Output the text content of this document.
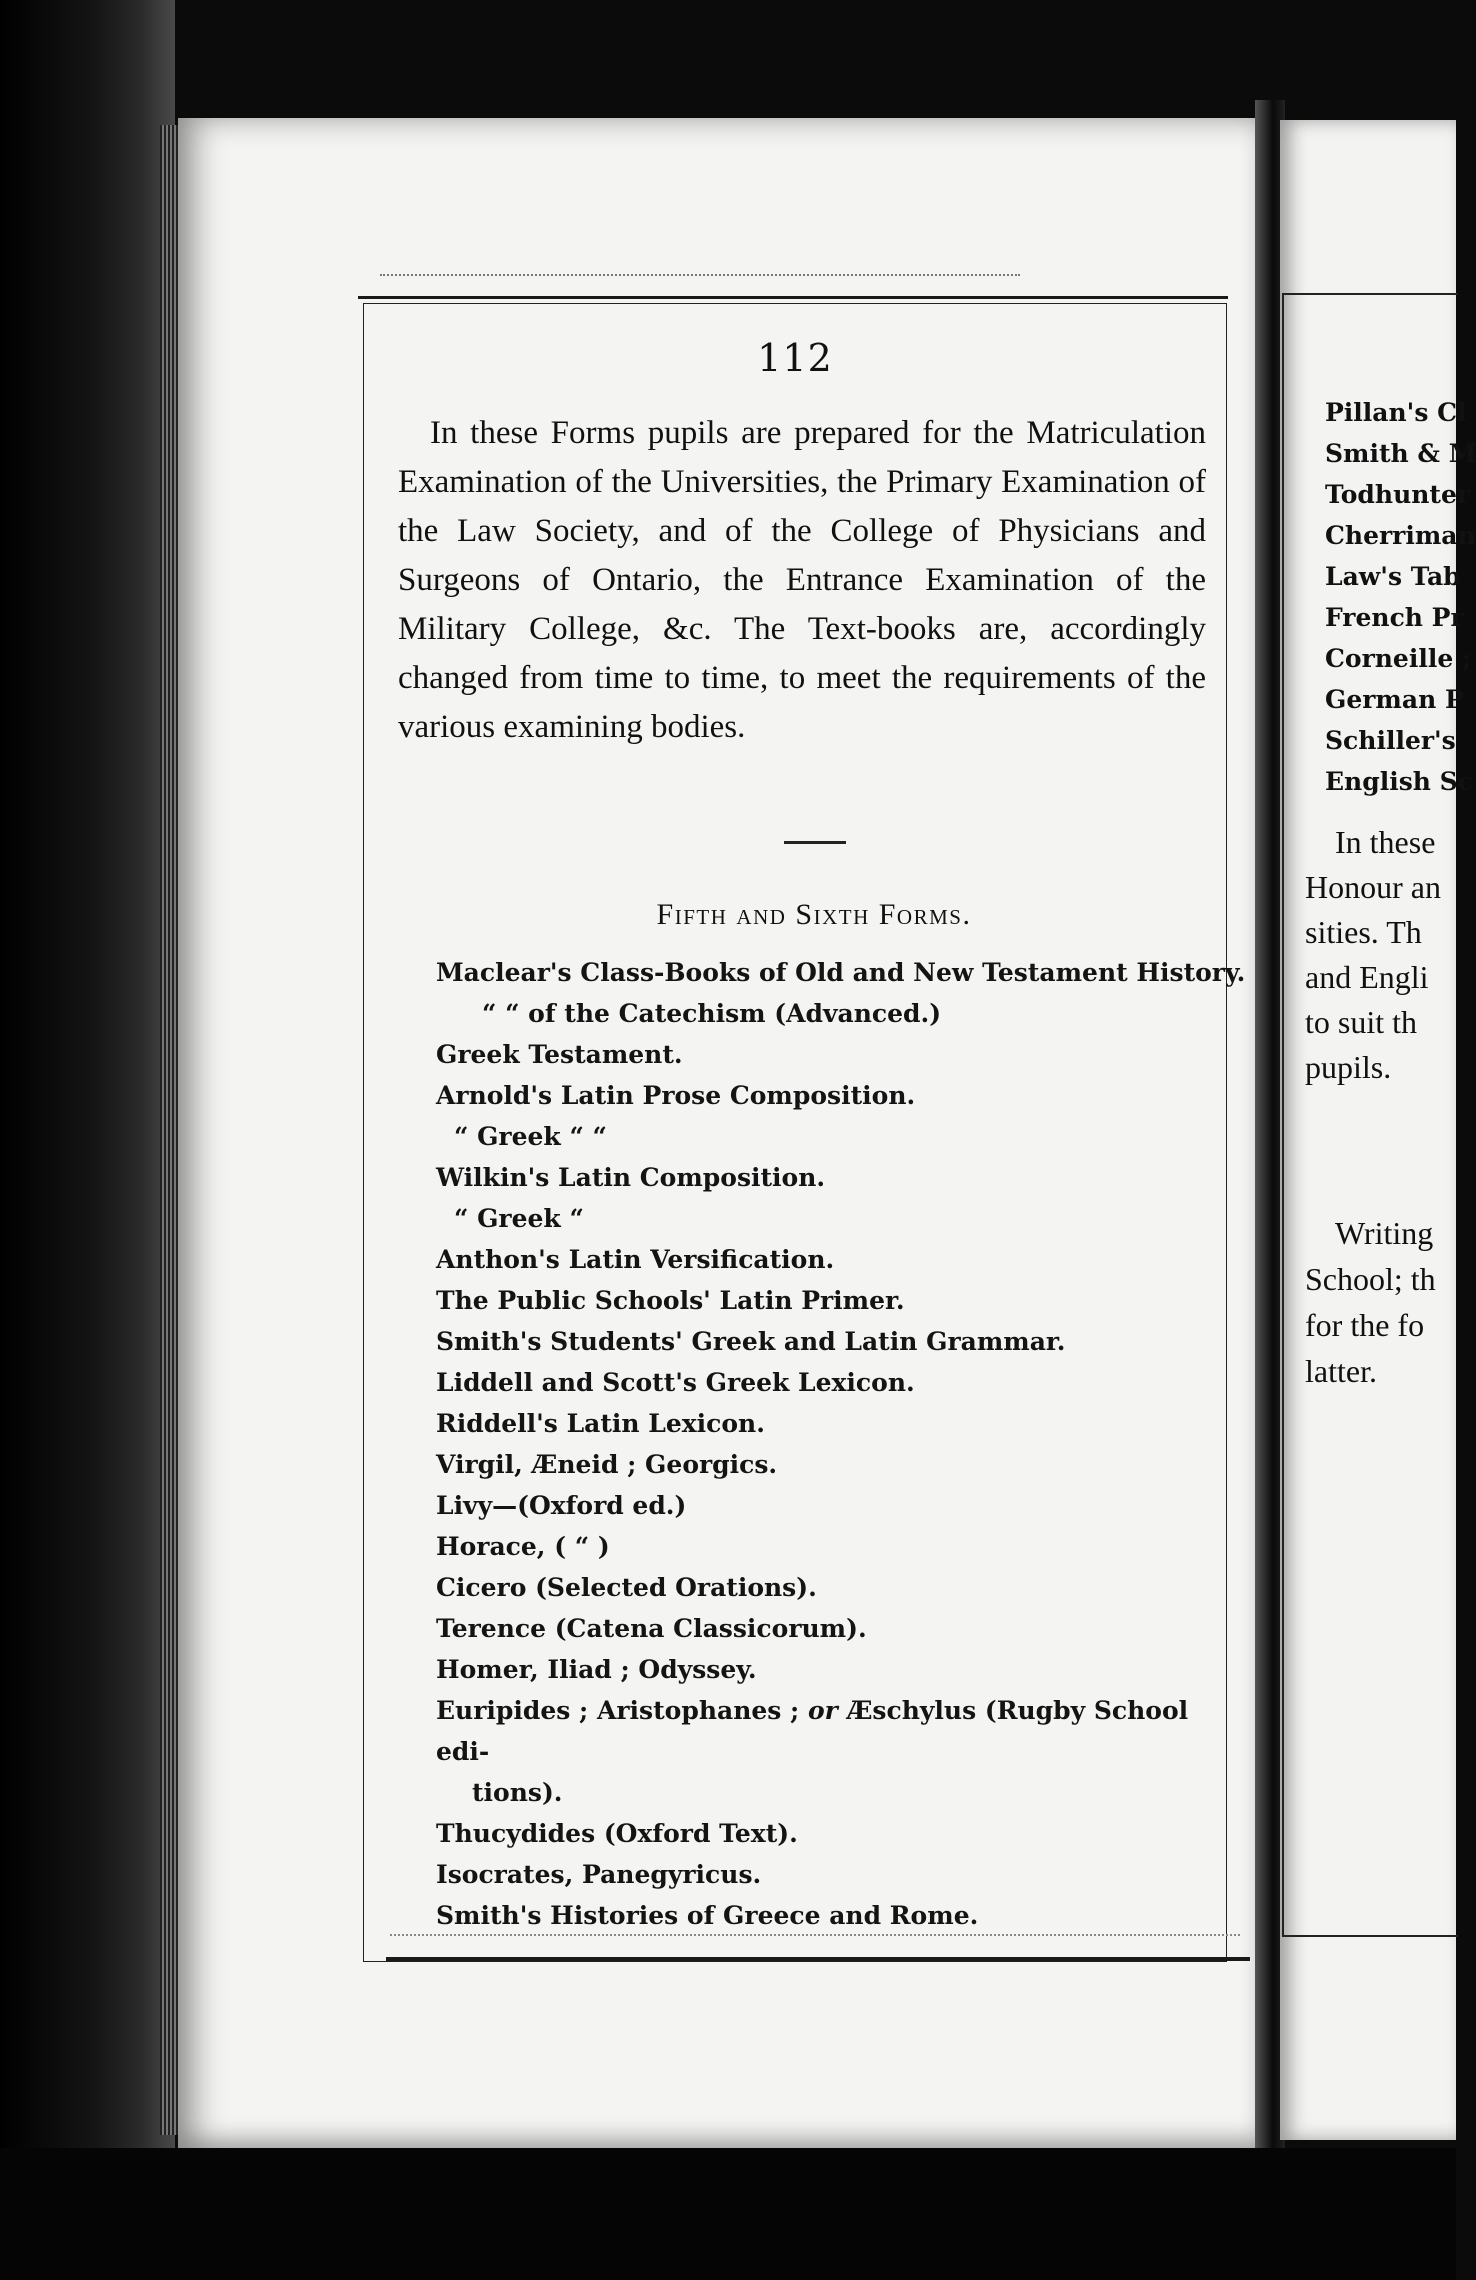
112

In these Forms pupils are prepared for the Matriculation Examination of the Universities, the Primary Examination of the Law Society, and of the College of Physicians and Surgeons of Ontario, the Entrance Examination of the Military College, &c. The Text-books are, accordingly changed from time to time, to meet the requirements of the various examining bodies.

Fifth and Sixth Forms.
Maclear's Class-Books of Old and New Testament History.
“ “ of the Catechism (Advanced.)
Greek Testament.
Arnold's Latin Prose Composition.
“ Greek “ “
Wilkin's Latin Composition.
“ Greek “
Anthon's Latin Versification.
The Public Schools' Latin Primer.
Smith's Students' Greek and Latin Grammar.
Liddell and Scott's Greek Lexicon.
Riddell's Latin Lexicon.
Virgil, Æneid ; Georgics.
Livy—(Oxford ed.)
Horace, ( “ )
Cicero (Selected Orations).
Terence (Catena Classicorum).
Homer, Iliad ; Odyssey.
Euripides ; Aristophanes ; or Æschylus (Rugby School edi-
tions).
Thucydides (Oxford Text).
Isocrates, Panegyricus.
Smith's Histories of Greece and Rome.
Pillan's Cl
Smith & M
Todhunter
Cherriman
Law's Tab
French Pr
Corneille ;
German P
Schiller's
English Sc
In these
Honour an
sities. Th
and Engli
to suit th
pupils.
Writing
School; th
for the fo
latter.
